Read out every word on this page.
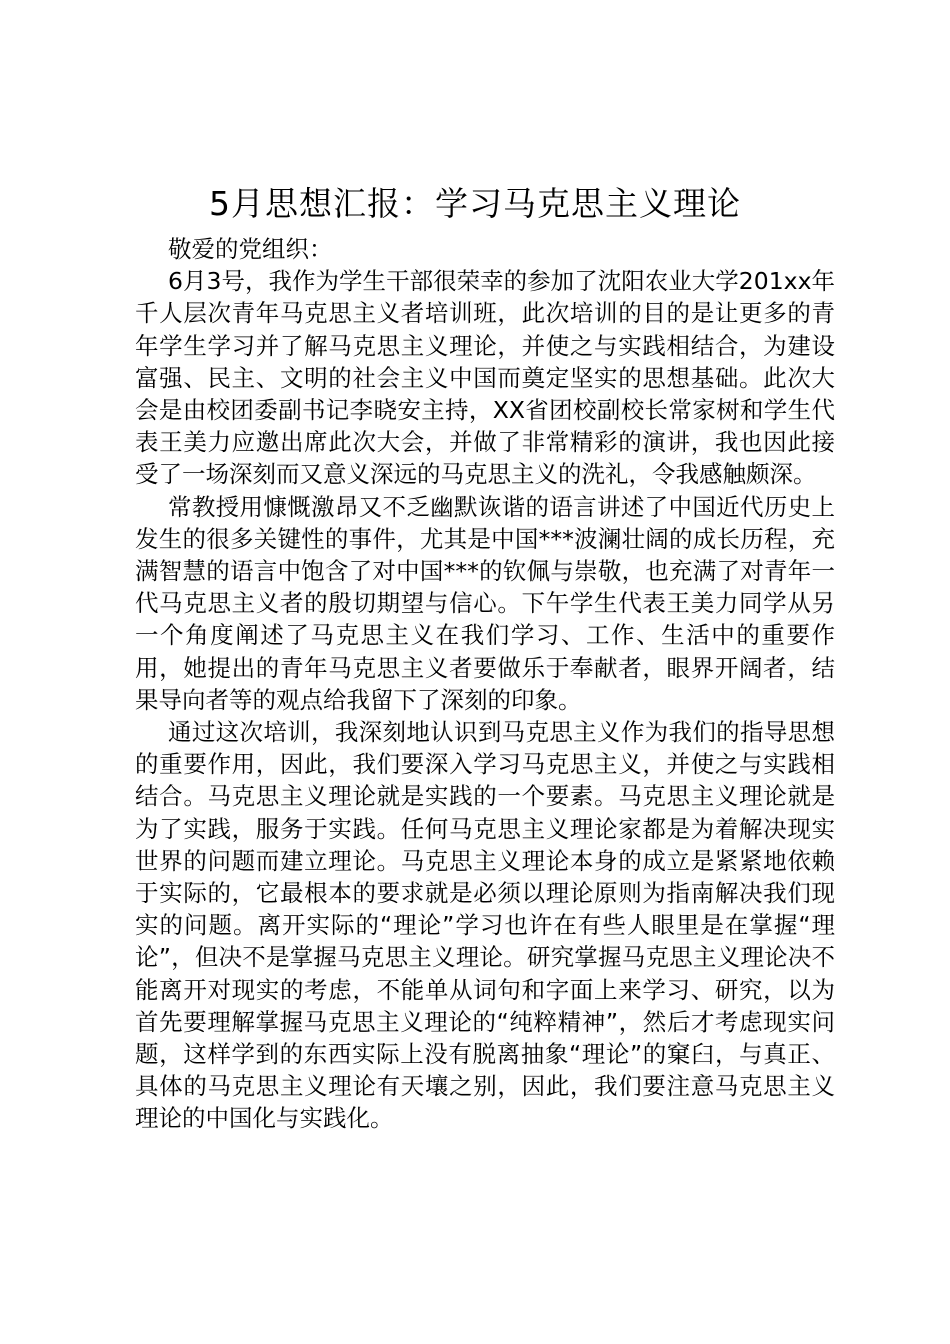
5月思想汇报：学习马克思主义理论

敬爱的党组织：

6月3号，我作为学生干部很荣幸的参加了沈阳农业大学201xx年千人层次青年马克思主义者培训班，此次培训的目的是让更多的青年学生学习并了解马克思主义理论，并使之与实践相结合，为建设富强、民主、文明的社会主义中国而奠定坚实的思想基础。此次大会是由校团委副书记李晓安主持，XX省团校副校长常家树和学生代表王美力应邀出席此次大会，并做了非常精彩的演讲，我也因此接受了一场深刻而又意义深远的马克思主义的洗礼，令我感触颇深。

常教授用慷慨激昂又不乏幽默诙谐的语言讲述了中国近代历史上发生的很多关键性的事件，尤其是中国***波澜壮阔的成长历程，充满智慧的语言中饱含了对中国***的钦佩与崇敬，也充满了对青年一代马克思主义者的殷切期望与信心。下午学生代表王美力同学从另一个角度阐述了马克思主义在我们学习、工作、生活中的重要作用，她提出的青年马克思主义者要做乐于奉献者，眼界开阔者，结果导向者等的观点给我留下了深刻的印象。

通过这次培训，我深刻地认识到马克思主义作为我们的指导思想的重要作用，因此，我们要深入学习马克思主义，并使之与实践相结合。马克思主义理论就是实践的一个要素。马克思主义理论就是为了实践，服务于实践。任何马克思主义理论家都是为着解决现实世界的问题而建立理论。马克思主义理论本身的成立是紧紧地依赖于实际的，它最根本的要求就是必须以理论原则为指南解决我们现实的问题。离开实际的“理论”学习也许在有些人眼里是在掌握“理论”，但决不是掌握马克思主义理论。研究掌握马克思主义理论决不能离开对现实的考虑，不能单从词句和字面上来学习、研究，以为首先要理解掌握马克思主义理论的“纯粹精神”，然后才考虑现实问题，这样学到的东西实际上没有脱离抽象“理论”的窠臼，与真正、具体的马克思主义理论有天壤之别，因此，我们要注意马克思主义理论的中国化与实践化。
